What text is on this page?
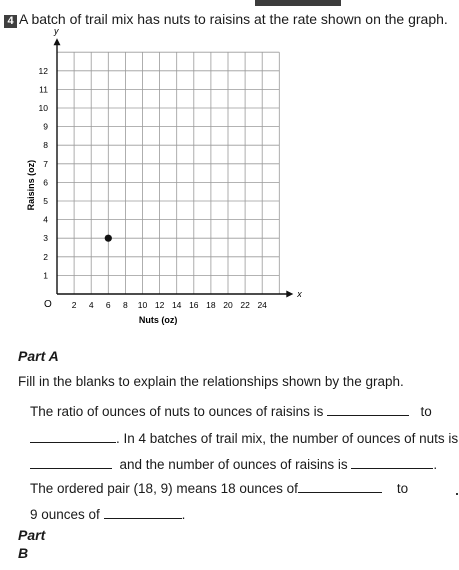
4 A batch of trail mix has nuts to raisins at the rate shown on the graph.
x
y
O 2 4 6 8 10 12 14 16 18 20 22 24
1
2
3
4
5
6
7
8
9
10
11
12
Nuts (oz)
Raisins (oz)
Part A
Fill in the blanks to explain the relationships shown by the graph.
The ratio of ounces of nuts to ounces of raisins is	to
. In 4 batches of trail mix, the number of ounces of nuts is
and the number of ounces of raisins is	.
The ordered pair (18, 9) means 18 ounces of	to
9 ounces of	.
Part B
